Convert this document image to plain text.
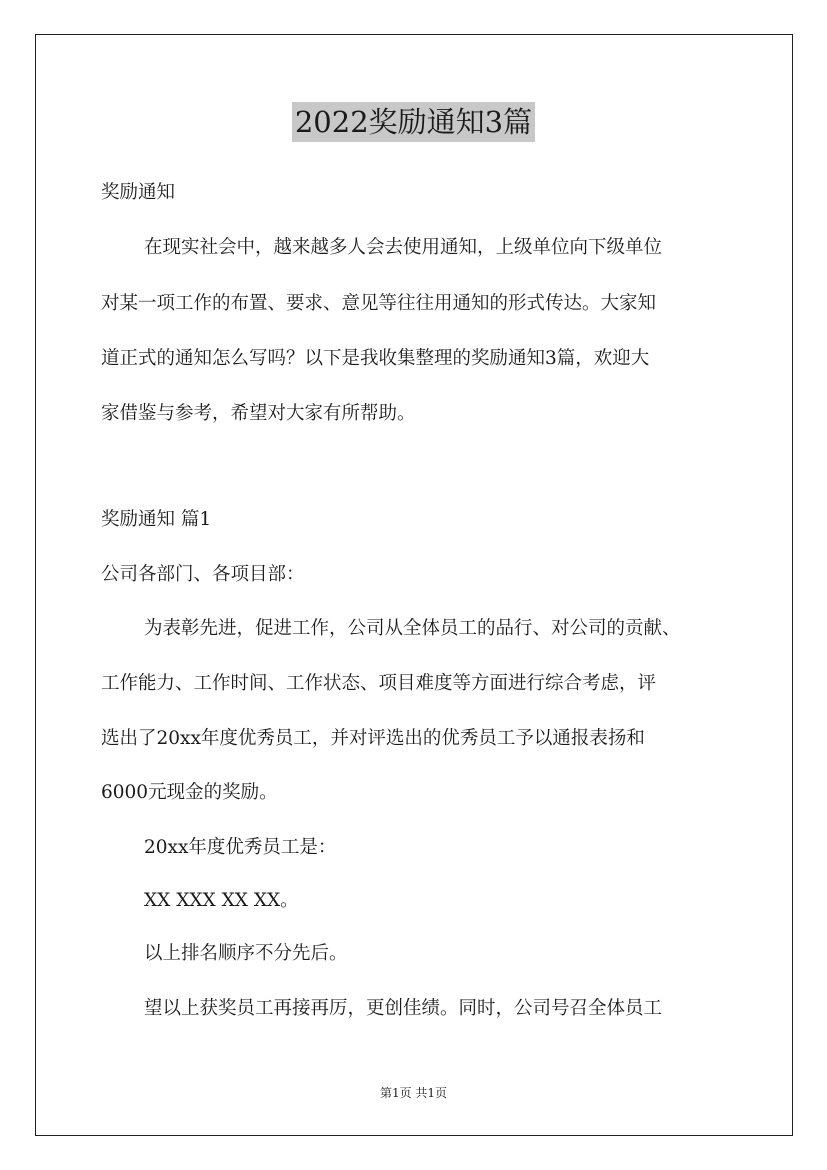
2022奖励通知3篇
奖励通知
在现实社会中，越来越多人会去使用通知，上级单位向下级单位
对某一项工作的布置、要求、意见等往往用通知的形式传达。大家知
道正式的通知怎么写吗？以下是我收集整理的奖励通知3篇，欢迎大
家借鉴与参考，希望对大家有所帮助。
奖励通知 篇1
公司各部门、各项目部：
为表彰先进，促进工作，公司从全体员工的品行、对公司的贡献、
工作能力、工作时间、工作状态、项目难度等方面进行综合考虑，评
选出了20xx年度优秀员工，并对评选出的优秀员工予以通报表扬和
6000元现金的奖励。
20xx年度优秀员工是：
XX XXX XX XX。
以上排名顺序不分先后。
望以上获奖员工再接再厉，更创佳绩。同时，公司号召全体员工
第1页 共1页
